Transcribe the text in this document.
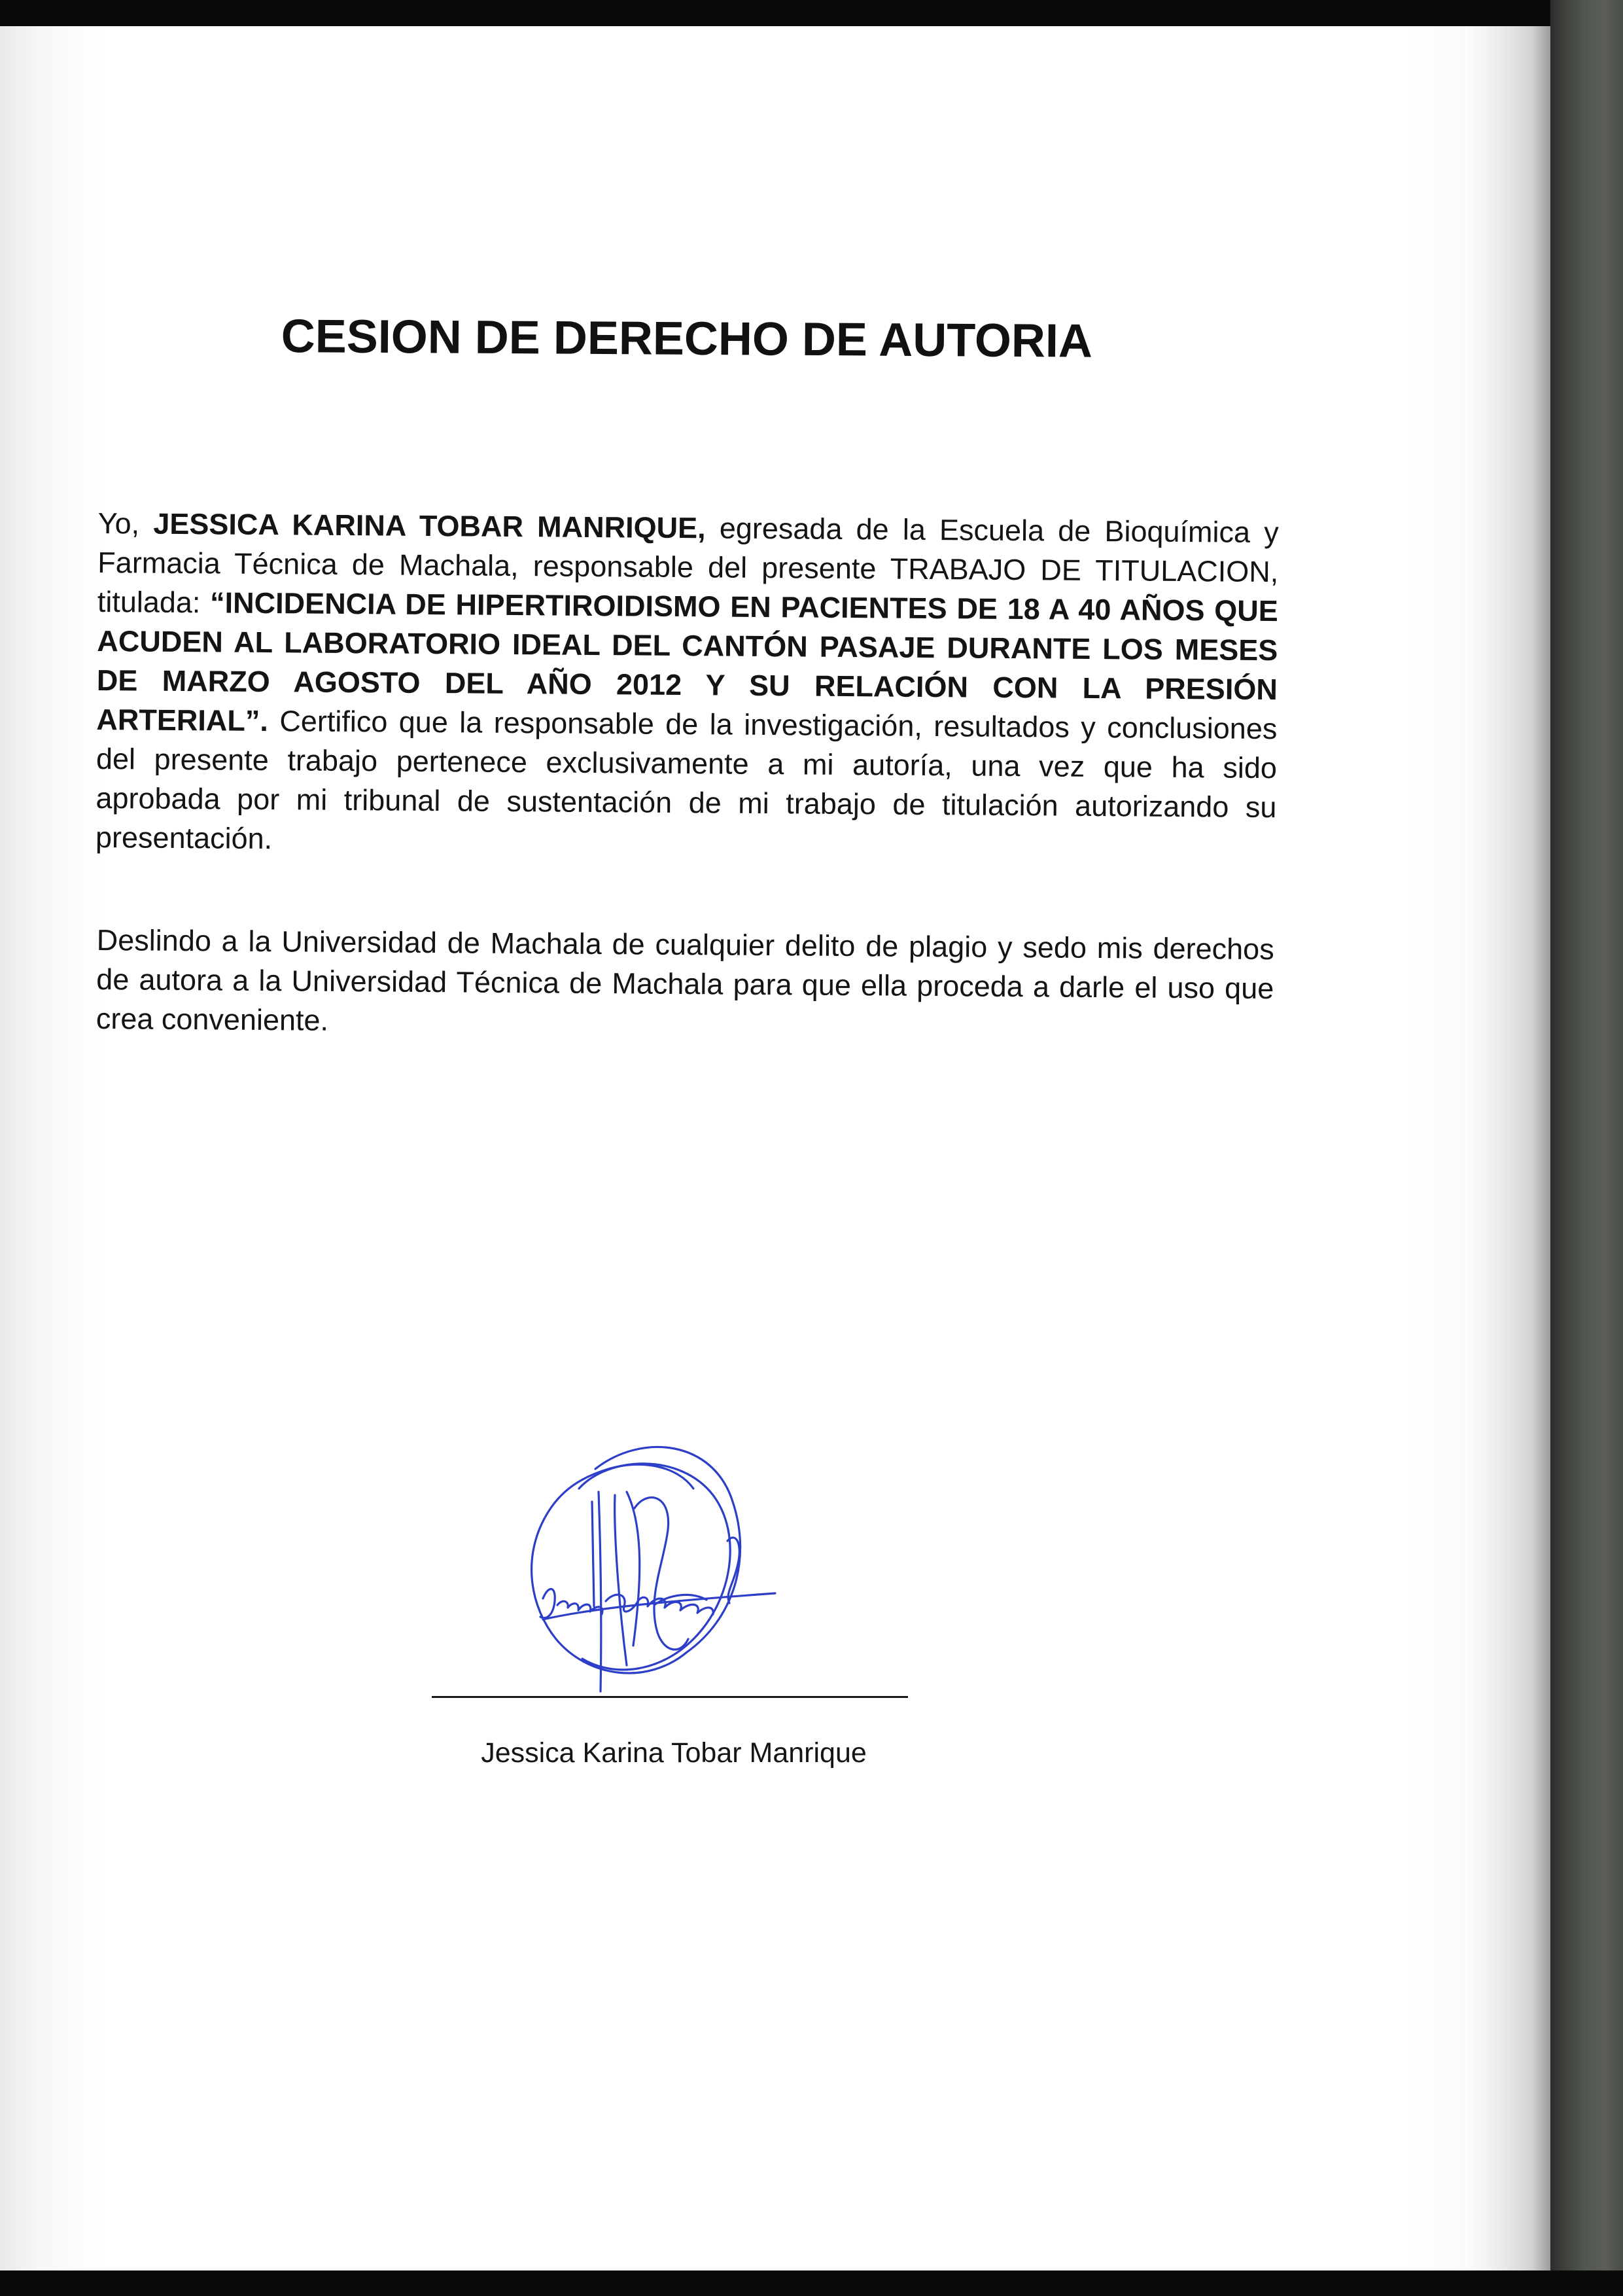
CESION DE DERECHO DE AUTORIA

Yo, JESSICA KARINA TOBAR MANRIQUE, egresada de la Escuela de Bioquímica y Farmacia Técnica de Machala, responsable del presente TRABAJO DE TITULACION, titulada: “INCIDENCIA DE HIPERTIROIDISMO EN PACIENTES DE 18 A 40 AÑOS QUE ACUDEN AL LABORATORIO IDEAL DEL CANTÓN PASAJE DURANTE LOS MESES DE MARZO AGOSTO DEL AÑO 2012 Y SU RELACIÓN CON LA PRESIÓN ARTERIAL”. Certifico que la responsable de la investigación, resultados y conclusiones del presente trabajo pertenece exclusivamente a mi autoría, una vez que ha sido aprobada por mi tribunal de sustentación de mi trabajo de titulación autorizando su presentación.

Deslindo a la Universidad de Machala de cualquier delito de plagio y sedo mis derechos de autora a la Universidad Técnica de Machala para que ella proceda a darle el uso que crea conveniente.

Jessica Karina Tobar Manrique
